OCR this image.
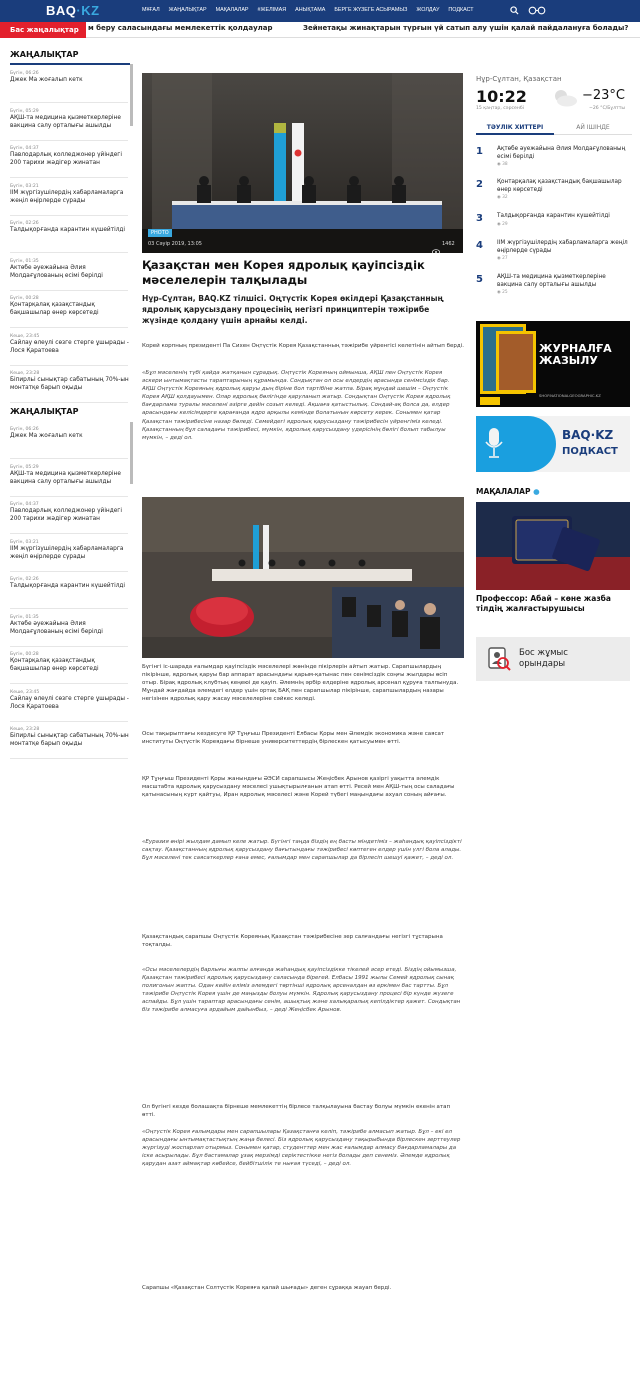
BAQ·KZ	МҰҒАЛ ЖАҢАЛЫҚТАР МАҚАЛАЛАР #ЖЕЛІМАЯ АНЫҚТАМА БЕРГЕ ЖҮЗЕГЕ АСЫРАМЫЗ ЖОЛДАУ ПОДКАСТ
Бас жаңалықтар	м беру саласындағы мемлекеттік қолдаулар	Зейнетақы жинақтарын түрғын үй сатып алу үшін қалай пайдалануға болады?
ЖАҢАЛЫҚТАР
Бүгін, 06:26
Джек Ма жоғалып кетк
Бүгін, 05:29
АҚШ-та медицина қызметкерлеріне вакцина салу орталығы ашылды
Бүгін, 04:37
Павлодарлық колледжонер үйіндегі 200 тарихи жәдігер жинатан
Бүгін, 03:21
IIM жүргізушілердің хабарламаларга жеңіл өңірлерде сүрады
Бүгін, 02:26
Талдықорғанда карантин күшейтілді
Бүгін, 01:35
Актөбе әуежайына Әлия Молдағұлованың есімі берілді
Бүгін, 00:28
Қонтарқалақ қазақстандық бақшашылар өнер көрсетеді
Кеше, 23:45
Сайлау өлеулі сөзге стерге ұшырады - Лося Қаратоева
Кеше, 23:28
Біпирльі сынықтар сабатының 70%-ын монтатқе барып оқыды
ЖАҢАЛЫҚТАР
Бүгін, 06:26
Джек Ма жоғалып кетк
Бүгін, 05:29
АҚШ-та медицина қызметкерлеріне вакцина салу орталығы ашылды
Бүгін, 04:37
Павлодарлық колледжонер үйіндегі 200 тарихи жәдігер жинатан
Бүгін, 03:21
IIM жүргізушілердің хабарламаларга жеңіл өңірлерде сүрады
Бүгін, 02:26
Талдықорғанда карантин күшейтілді
Бүгін, 01:35
Актөбе әуежайына Әлия Молдағұлованың есімі берілді
Бүгін, 00:28
Қонтарқалақ қазақстандық бақшашылар өнер көрсетеді
Кеше, 23:45
Сайлау өлеулі сөзге стерге ұшырады - Лося Қаратоева
Кеше, 23:28
Біпирльі сынықтар сабатының 70%-ын монтатқе барып оқыды
PHOTO
03 Сәуір 2019, 13:05	1462
Қазақстан мен Корея ядролық қауіпсіздік мәселелерін талқылады
Нұр-Сұлтан, BAQ.KZ тілшісі. Оңтүстік Корея өкілдері Қазақстанның ядролық қарусыздану процесінің негізгі принциптерін тәжірибе жүзінде қолдану үшін арнайы келді.
Корей корпның президенті Па Сихен Оңтүстік Корея Қазақстанның тәжірибе үйренгісі келетінін айтып берді.
«Бұл мәселенің түбі қайда жатқанын сұрадық. Оңтүстік Кореяның оймынша, АҚШ пен Оңтүстік Корея әскери ынтымақтасты тараптарының құрамында. Сондықтан ол осы елдердің арасында сенімсіздік бар. АҚШ Оңтүстік Кореяның ядролық қаруы дың біріне бол тәртібіне жатпа. Бірақ мұндай шешім – Оңтүстік Корея АҚШ қолдауымен. Олар ядролық бөлігінде қаруланып жатыр. Сондықтан Оңтүстік Корея ядролық бағдарлама туралы мәселені әзірге дейін созып келеді. Ақшаға қатыстылық. Сондай-ақ болса да, елдер арасындағы келісімдерге қарағанда ядро арқылы кемінде болатынын көрсету керек. Сонымен қатар Қазақстан тәжірибесіне назар бөледі. Семейдегі ядролық қарусыздану тәжірибесін үйренгіміз келеді. Қазақстанның бұл саладағы тәжірибесі, мүмкін, ядролық қарусыздану үдерісінің бөлігі болып табылуы мүмкін, – деді ол.
Бүгінгі іс-шарада ғалымдар қауіпсіздік мәселелері жөнінде пікірлерін айтып жатыр. Сарапшылардың пікірінше, ядролық қаруы бар аппарат арасындағы қарым-қатынас пен сенімсіздік соңғы жылдары өсіп отыр. Бірақ ядролық клубтың кеңеюі де қауіп. Әлемнің әрбір елдеріне ядролық арсенал құруға талпынуда. Мұндай жағдайда әлемдегі елдер үшін ортақ БАҚ пен сарапшылар пікірінше, сарапшылардың назары негізінен ядролық қару жасау мәселелеріне сәйкес келеді.
Осы тақырыптағы кездесуге ҚР Тұңғыш Президенті Елбасы Қоры мен Әлемдік экономика және саясат институты Оңтүстік Кореядағы бірнеше университеттердің бірлескен қатысуымен өтті.
ҚР Тұңғыш Президенті Қоры жанындағы ӘЭСИ сарапшысы Жеңісбек Арынов қазіргі уақытта әлемдік масштабта ядролық қарусыздану мәселесі ушықтырылғанын атап өтті. Ресей мен АҚШ-тың осы саладағы қатынасының күрт қайтуы, Иран ядролық мәселесі және Корей түбегі маңындағы ахуал соның айғағы.
«Еуразия өнірі жылдам дамып келе жатыр. Бүгінгі таңда біздің ең басты міндетіміз – жаһандық қауіпсіздікті сақтау. Қазақстанның ядролық қарусыздану бағытындағы тәжірибесі көптеген елдер үшін үлгі бола алады. Бұл мәселені тек саясаткерлер ғана емес, ғалымдар мен сарапшылар да бірлесіп шешуі қажет, – деді ол.
Қазақстандық сарапшы Оңтүстік Кореяның Қазақстан тәжірибесіне зер салғандағы негізгі тұстарына тоқталды.
«Осы мәселелердің барлығы жалпы алғанда жаһандық қауіпсіздікке тікелей әсер етеді. Біздің ойымызша, Қазақстан тәжірибесі ядролық қарусыздану саласында бірегей. Елбасы 1991 жылы Семей ядролық сынақ полигонын жапты. Одан кейін еліміз әлемдегі төртінші ядролық арсеналдан өз еркімен бас тартты. Бұл тәжірибе Оңтүстік Корея үшін де маңызды болуы мүмкін. Ядролық қарусыздану процесі бір күнде жүзеге аспайды. Бұл үшін тараптар арасындағы сенім, ашықтық және халықаралық кепілдіктер қажет. Сондықтан біз тәжірибе алмасуға әрдайым дайынбыз, – деді Жеңісбек Арынов.
Ол бүгінгі кезде болашақта бірнеше мемлекеттің бірлесе талқылауына бастау болуы мүмкін екенін атап өтті.
«Оңтүстік Корея ғалымдары мен сарапшылары Қазақстанға келіп, тәжірибе алмасып жатыр. Бұл – екі ел арасындағы ынтымақтастықтың жаңа белесі. Біз ядролық қарусыздану тақырыбында бірлескен зерттеулер жүргізуді жоспарлап отырмыз. Сонымен қатар, студенттер мен жас ғалымдар алмасу бағдарламалары да іске асырылады. Бұл бастамалар ұзақ мерзімді серіктестікке негіз болады деп сенеміз. Әлемде ядролық қарудан азат аймақтар көбейсе, бейбітшілік те нығая түседі, – деді ол.
Сарапшы «Қазақстан Солтүстік Кореяға қалай шығады» деген сұраққа жауап берді.
Нұр-Сұлтан, Қазақстан
10:22
15 қаңтар, сәрсенбі
−23°C
−26 °C/Бұлтты
ТӘУЛІК ХИТТЕРІ	АЙ ІШІНДЕ
1 Ақтөбе әуежайына Әлия Молдағұлованың есімі берілді
◉ 38
2 Қонтарқалақ қазақстандық бақшашылар өнер көрсетеді
◉ 32
3 Талдықорғанда карантин күшейтілді
◉ 29
4 IIM жүргізушілердің хабарламаларга жеңіл өңірлерде сүрады
◉ 27
5 АҚШ-та медицина қызметкерлеріне вакцина салу орталығы ашылды
◉ 25
ЖУРНАЛҒА
ЖАЗЫЛУ
SHOP.NATIONALGEOGRAPHIC.KZ
BAQ·KZ
ПОДКАСТ
МАҚАЛАЛАР ●
Профессор: Абай – көне жазба тілдің жалғастырушысы
Бос жұмыс орындары
